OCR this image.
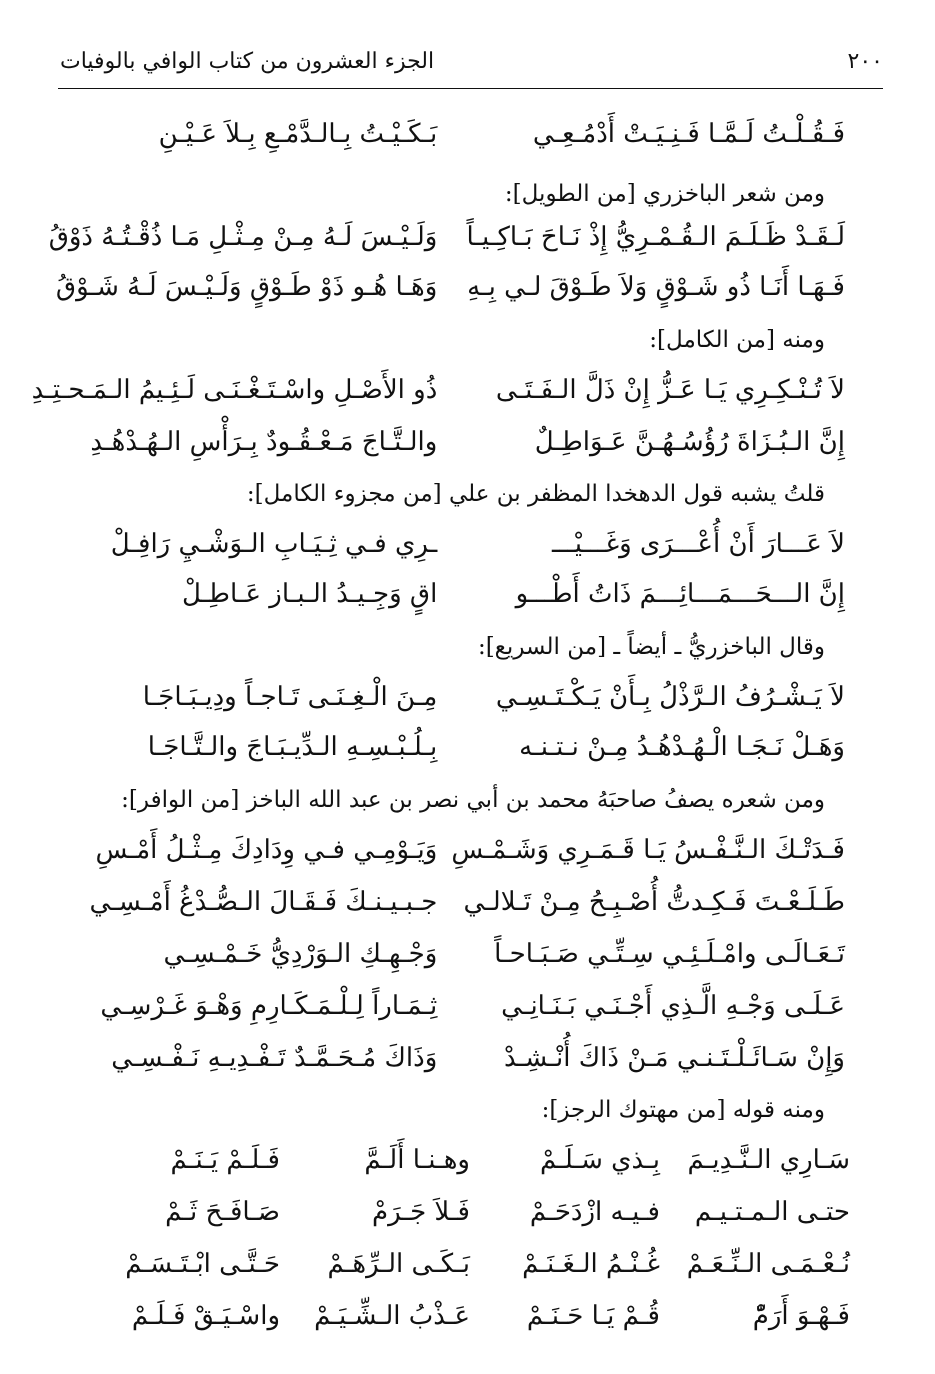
٢٠٠
الجزء العشرون من كتاب الوافي بالوفيات
فَـقُـلْـتُ لَـمَّـا فَـنِـيَـتْ أَدْمُـعِـي
بَـكَـيْـتُ بِـالـدَّمْـعِ بِـلاَ عَـيْـنِ
ومن شعر الباخزري [من الطويل]:
لَـقَـدْ ظَـلَـمَ الـقُـمْـرِيُّ إِذْ نَـاحَ بَـاكِـيـاً
وَلَـيْـسَ لَـهُ مِـنْ مِـثْـلِ مَـا ذُقْـتُـهُ ذَوْقُ
فَـهَـا أَنَـا ذُو شَـوْقٍ وَلاَ طَـوْقَ لـي بِـهِ
وَهَـا هُـو ذَوْ طَـوْقٍ وَلَـيْـسَ لَـهُ شَـوْقُ
ومنه [من الكامل]:
لاَ تُـنْـكِـرِي يَـا عَـزُّ إِنْ ذَلَّ الـفَـتَـى
ذُو الأَصْـلِ واسْـتَـغْـنَـى لَـئِـيمُ الـمَـحـتِـدِ
إِنَّ الـبُـزَاةَ رُؤُسُـهُـنَّ عَـوَاطِـلٌ
والـتَّـاجَ مَـعْـقُـودٌ بِـرَأْسِ الـهُـدْهُـدِ
قلتُ يشبه قول الدهخدا المظفر بن علي [من مجزوء الكامل]:
لاَ عَـــارَ أَنْ أُعْـــرَى وَغَـــيْـــ
ـرِي فـي ثِـيَـابِ الـوَشْـيِ رَافِـلْ
إِنَّ الـــحَـــمَـــائِـــمَ ذَاتُ أَطْـــو
اقٍ وَجِـيـدُ الـبـاز عَـاطِـلْ
وقال الباخزريُّ ـ أيضاً ـ [من السريع]:
لاَ يَـشْـرُفُ الـرَّذْلُ بِـأَنْ يَـكْـتَـسِـي
مِـنَ الْـغِـنَـى تَـاجـاً ودِيـبَـاجَـا
وَهَـلْ نَـجَـا الْـهُـدْهُـدُ مِـنْ نـتـنـه
بِـلُـبْـسِـهِ الـدِّيـبَـاجَ والـتَّـاجَـا
ومن شعره يصفُ صاحبَهُ محمد بن أبي نصر بن عبد الله الباخز [من الوافر]:
فَـدَتْـكَ الـنَّـفْـسُ يَـا قَـمَـرِي وَشَـمْـسِ
وَيَـوْمِـي فـي وِدَادِكَ مِـثْـلُ أَمْـسِ
طَـلَـعْـتَ فَـكِـدتُّ أُصْـبِـحُ مِـنْ تَـلالـي
جـبـيـنـكَ فَـقَـالَ الـصُّـدْغُ أَمْـسِـي
تَـعَـالَـى وامْـلَـئِـي سِـتِّـي صَـبَـاحـاً
وَجْـهِـكِ الـوَرْدِيُّ خَـمْـسِـي
عَـلَـى وَجْـهِ الَّـذِي أَجْـنَـي بَـنَـانِـي
ثِـمَـاراً لِـلْـمَـكَـارِمِ وَهْـوَ غَـرْسِـي
وَإِنْ سَـائَـلْـتَـنـي مَـنْ ذَاكَ أُنْـشِـدْ
وَذَاكَ مُـحَـمَّـدٌ تَـفْـدِيـهِ نَـفْـسِـي
ومنه قوله [من مهتوك الرجز]:
سَـارِي الـنَّـدِيـمَ
بِـذي سَـلَـمْ
وهـنـا أَلَـمَّ
فَـلَـمْ يَـنَـمْ
حتـى الـمـتـيـم
فـيـه ازْدَحَـمْ
فَـلاَ جَـرَمْ
صَـافَـحَ ثَـمْ
نُـعْـمَـى الـنِّـعَـمْ
غُـنْـمُ الـغَـنَـمْ
بَـكَـى الـرِّهَـمْ
حَـتَّـى ابْـتَـسَـمْ
فَـهْـوَ أَرَمّْ
قُـمْ يَـا حَـنَـمْ
عَـذْبُ الـشِّـيَـمْ
واسْـيَـقْ فَـلَـمْ
